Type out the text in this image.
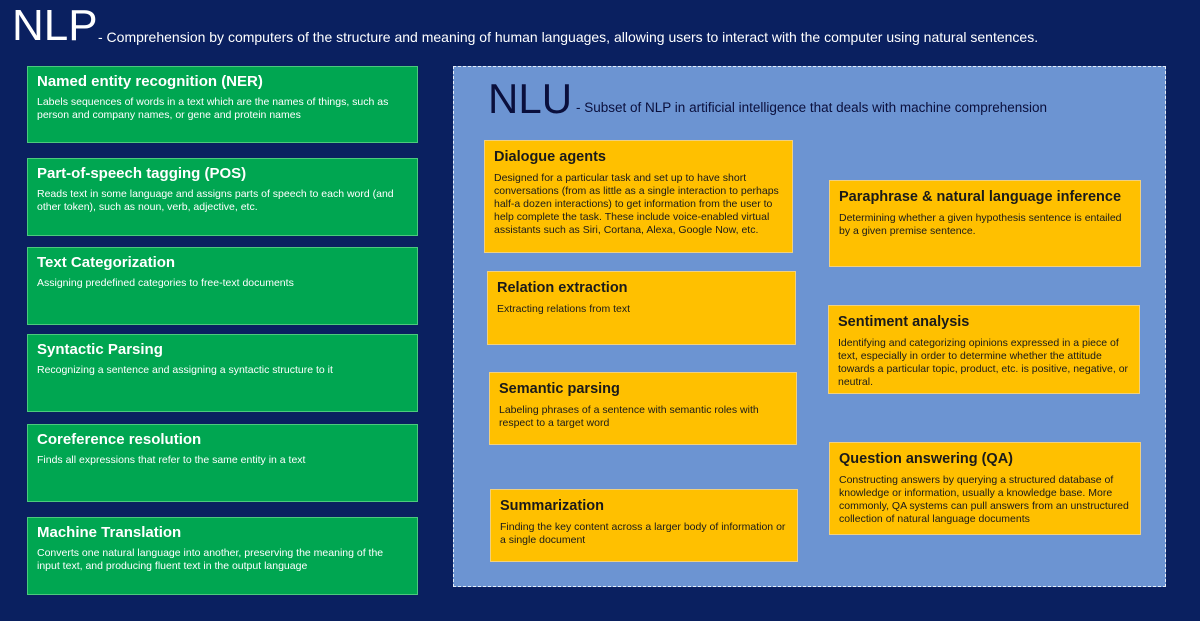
NLP - Comprehension by computers of the structure and meaning of human languages, allowing users to interact with the computer using natural sentences.
Named entity recognition (NER)
Labels sequences of words in a text which are the names of things, such as person and company names, or gene and protein names
Part-of-speech tagging (POS)
Reads text in some language and assigns parts of speech to each word (and other token), such as noun, verb, adjective, etc.
Text Categorization
Assigning predefined categories to free-text documents
Syntactic Parsing
Recognizing a sentence and assigning a syntactic structure to it
Coreference resolution
Finds all expressions that refer to the same entity in a text
Machine Translation
Converts one natural language into another, preserving the meaning of the input text, and producing fluent text in the output language
NLU - Subset of NLP in artificial intelligence that deals with machine comprehension
Dialogue agents
Designed for a particular task and set up to have short conversations (from as little as a single interaction to perhaps half-a dozen interactions) to get information from the user to help complete the task. These include voice-enabled virtual assistants such as Siri, Cortana, Alexa, Google Now, etc.
Relation extraction
Extracting relations from text
Semantic parsing
Labeling phrases of a sentence with semantic roles with respect to a target word
Summarization
Finding the key content across a larger body of information or a single document
Paraphrase & natural language inference
Determining whether a given hypothesis sentence is entailed by a given premise sentence.
Sentiment analysis
Identifying and categorizing opinions expressed in a piece of text, especially in order to determine whether the attitude towards a particular topic, product, etc. is positive, negative, or neutral.
Question answering (QA)
Constructing answers by querying a structured database of knowledge or information, usually a knowledge base. More commonly, QA systems can pull answers from an unstructured collection of natural language documents
